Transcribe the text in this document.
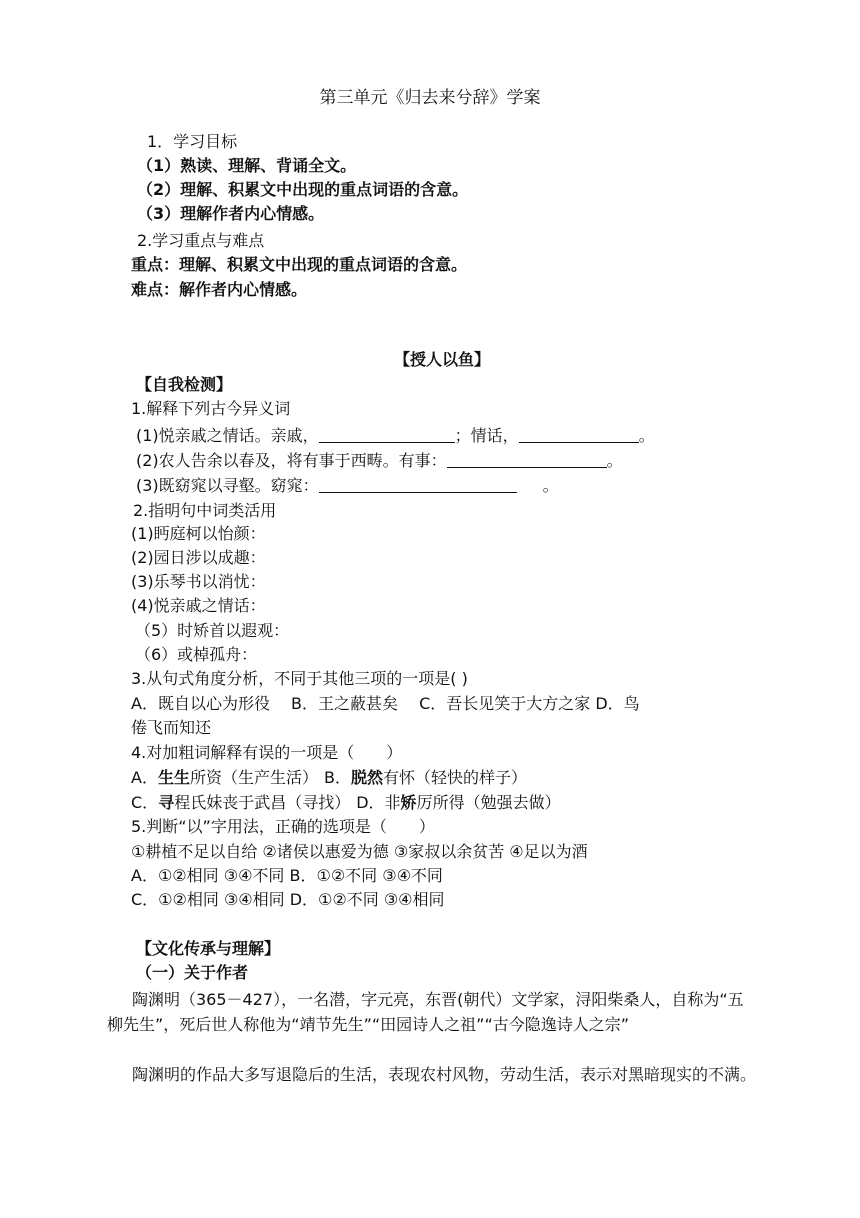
第三单元《归去来兮辞》学案
1．学习目标
（1）熟读、理解、背诵全文。
（2）理解、积累文中出现的重点词语的含意。
（3）理解作者内心情感。
2.学习重点与难点
重点：理解、积累文中出现的重点词语的含意。
难点：解作者内心情感。
【授人以鱼】
【自我检测】
1.解释下列古今异义词
(1)悦亲戚之情话。亲戚，	；情话，	。
(2)农人告余以春及，将有事于西畴。有事：	。
(3)既窈窕以寻壑。窈窕：	。
2.指明句中词类活用
(1)眄庭柯以怡颜：
(2)园日涉以成趣：
(3)乐琴书以消忧：
(4)悦亲戚之情话：
（5）时矫首以遐观：
（6）或棹孤舟：
3.从句式角度分析，不同于其他三项的一项是( )
A．既自以心为形役　 B．王之蔽甚矣　 C．吾长见笑于大方之家 D．鸟
倦飞而知还
4.对加粗词解释有误的一项是（　　）
A．生生所资（生产生活） B．脱然有怀（轻快的样子）
C．寻程氏妹丧于武昌（寻找） D．非矫厉所得（勉强去做）
5.判断“以”字用法，正确的选项是（　　）
①耕植不足以自给 ②诸侯以惠爱为德 ③家叔以余贫苦 ④足以为酒
A．①②相同 ③④不同 B．①②不同 ③④不同
C．①②相同 ③④相同 D．①②不同 ③④相同
【文化传承与理解】
（一）关于作者
陶渊明（365－427），一名潜，字元亮，东晋(朝代）文学家，浔阳柴桑人，自称为“五柳先生”，死后世人称他为“靖节先生”“田园诗人之祖”“古今隐逸诗人之宗”
陶渊明的作品大多写退隐后的生活，表现农村风物，劳动生活，表示对黑暗现实的不满。
